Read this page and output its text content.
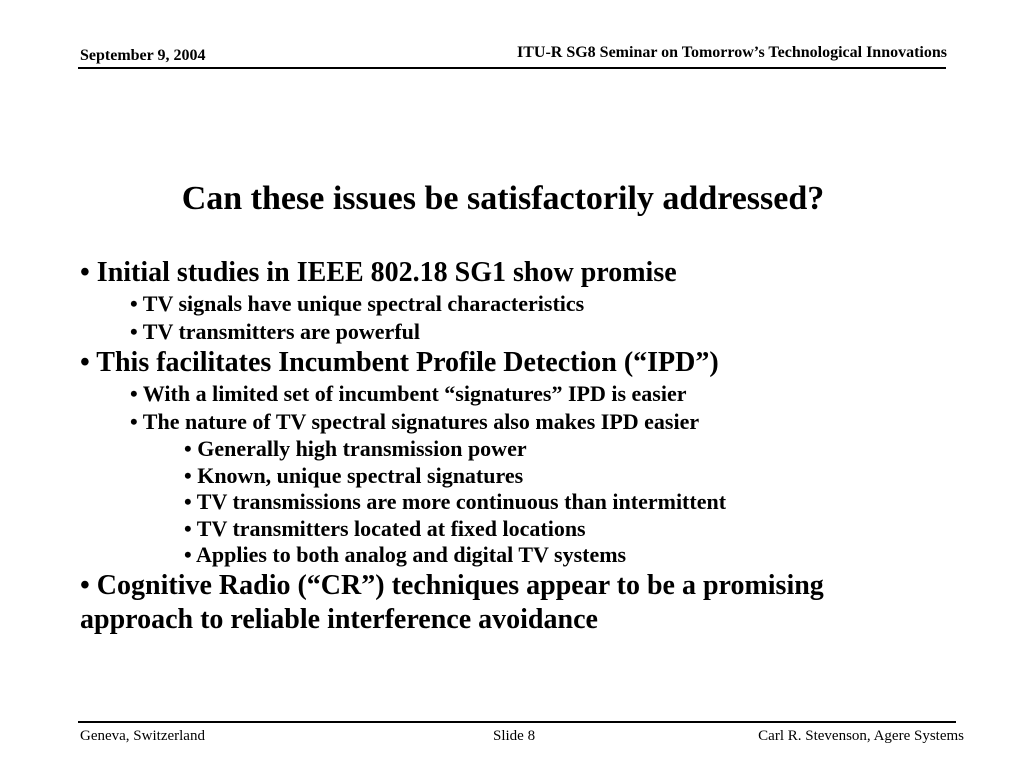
September 9, 2004	ITU-R SG8 Seminar on Tomorrow’s Technological Innovations
Can these issues be satisfactorily addressed?
• Initial studies in IEEE 802.18 SG1 show promise
• TV signals have unique spectral characteristics
• TV transmitters are powerful
• This facilitates Incumbent Profile Detection (“IPD”)
• With a limited set of incumbent “signatures” IPD is easier
• The nature of TV spectral signatures also makes IPD easier
• Generally high transmission power
• Known, unique spectral signatures
• TV transmissions are more continuous than intermittent
• TV transmitters located at fixed locations
• Applies to both analog and digital TV systems
• Cognitive Radio (“CR”) techniques appear to be a promising approach to reliable interference avoidance
Geneva, Switzerland	Slide 8	Carl R. Stevenson, Agere Systems
